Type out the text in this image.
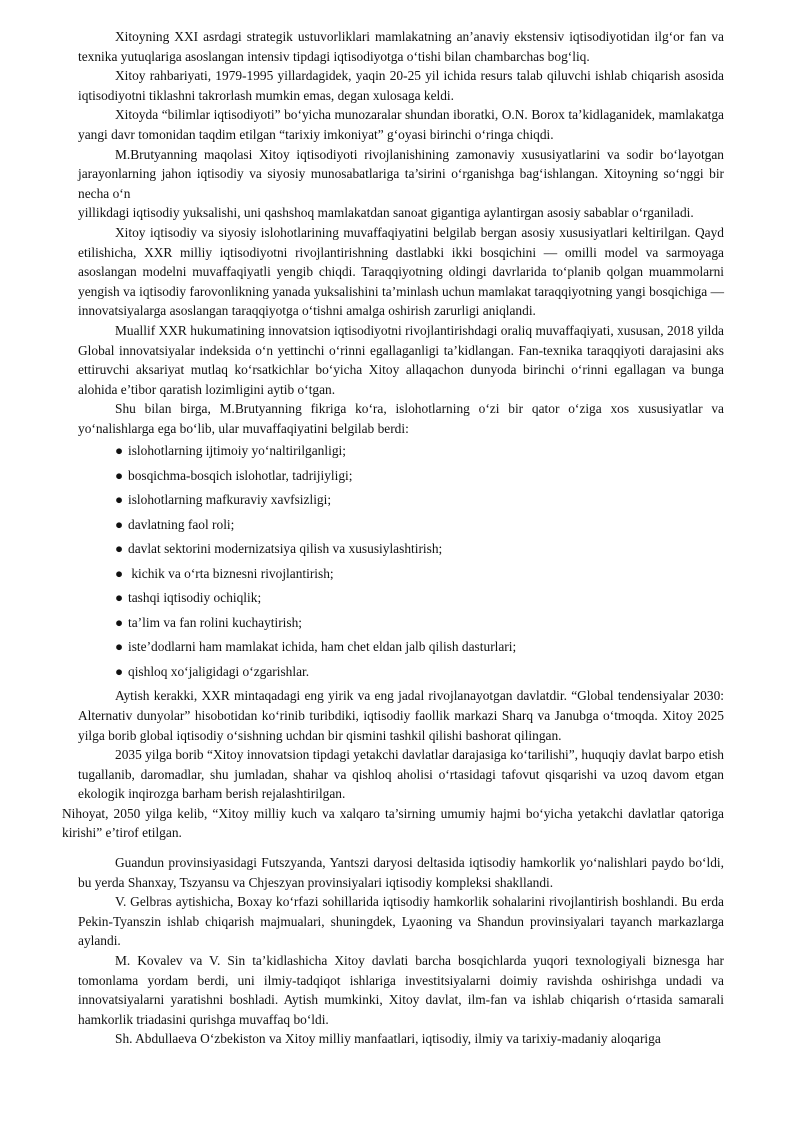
Xitoyning XXI asrdagi strategik ustuvorliklari mamlakatning an’anaviy ekstensiv iqtisodiyotidan ilg‘or fan va texnika yutuqlariga asoslangan intensiv tipdagi iqtisodiyotga o‘tishi bilan chambarchas bog‘liq.

Xitoy rahbariyati, 1979-1995 yillardagidek, yaqin 20-25 yil ichida resurs talab qiluvchi ishlab chiqarish asosida iqtisodiyotni tiklashni takrorlash mumkin emas, degan xulosaga keldi.

Xitoyda “bilimlar iqtisodiyoti” bo‘yicha munozaralar shundan iboratki, O.N. Borox ta’kidlaganidek, mamlakatga yangi davr tomonidan taqdim etilgan “tarixiy imkoniyat” g‘oyasi birinchi o‘ringa chiqdi.

M.Brutyanning maqolasi Xitoy iqtisodiyoti rivojlanishining zamonaviy xususiyatlarini va sodir bo‘layotgan jarayonlarning jahon iqtisodiy va siyosiy munosabatlariga ta’sirini o‘rganishga bag‘ishlangan. Xitoyning so‘nggi bir necha o‘n

yillikdagi iqtisodiy yuksalishi, uni qashshoq mamlakatdan sanoat gigantiga aylantirgan asosiy sabablar o‘rganiladi.

Xitoy iqtisodiy va siyosiy islohotlarining muvaffaqiyatini belgilab bergan asosiy xususiyatlari keltirilgan. Qayd etilishicha, XXR milliy iqtisodiyotni rivojlantirishning dastlabki ikki bosqichini — omilli model va sarmoyaga asoslangan modelni muvaffaqiyatli yengib chiqdi. Taraqqiyotning oldingi davrlarida to‘planib qolgan muammolarni yengish va iqtisodiy farovonlikning yanada yuksalishini ta’minlash uchun mamlakat taraqqiyotning yangi bosqichiga — innovatsiyalarga asoslangan taraqqiyotga o‘tishni amalga oshirish zarurligi aniqlandi.

Muallif XXR hukumatining innovatsion iqtisodiyotni rivojlantirishdagi oraliq muvaffaqiyati, xususan, 2018 yilda Global innovatsiyalar indeksida o‘n yettinchi o‘rinni egallaganligi ta’kidlangan. Fan-texnika taraqqiyoti darajasini aks ettiruvchi aksariyat mutlaq ko‘rsatkichlar bo‘yicha Xitoy allaqachon dunyoda birinchi o‘rinni egallagan va bunga alohida e’tibor qaratish lozimligini aytib o‘tgan.

Shu bilan birga, M.Brutyanning fikriga ko‘ra, islohotlarning o‘zi bir qator o‘ziga xos xususiyatlar va yo‘nalishlarga ega bo‘lib, ular muvaffaqiyatini belgilab berdi:

● islohotlarning ijtimoiy yo‘naltirilganligi;
● bosqichma-bosqich islohotlar, tadrijiyligi;
● islohotlarning mafkuraviy xavfsizligi;
● davlatning faol roli;
● davlat sektorini modernizatsiya qilish va xususiylashtirish;
● kichik va o‘rta biznesni rivojlantirish;
● tashqi iqtisodiy ochiqlik;
● ta’lim va fan rolini kuchaytirish;
● iste’dodlarni ham mamlakat ichida, ham chet eldan jalb qilish dasturlari;
● qishloq xo‘jaligidagi o‘zgarishlar.

Aytish kerakki, XXR mintaqadagi eng yirik va eng jadal rivojlanayotgan davlatdir. “Global tendensiyalar 2030: Alternativ dunyolar” hisobotidan ko‘rinib turibdiki, iqtisodiy faollik markazi Sharq va Janubga o‘tmoqda. Xitoy 2025 yilga borib global iqtisodiy o‘sishning uchdan bir qismini tashkil qilishi bashorat qilingan.

2035 yilga borib “Xitoy innovatsion tipdagi yetakchi davlatlar darajasiga ko‘tarilishi”, huquqiy davlat barpo etish tugallanib, daromadlar, shu jumladan, shahar va qishloq aholisi o‘rtasidagi tafovut qisqarishi va uzoq davom etgan ekologik inqirozga barham berish rejalashtirilgan.

Nihoyat, 2050 yilga kelib, “Xitoy milliy kuch va xalqaro ta’sirning umumiy hajmi bo‘yicha yetakchi davlatlar qatoriga kirishi” e’tirof etilgan.

Guandun provinsiyasidagi Futszyanda, Yantszi daryosi deltasida iqtisodiy hamkorlik yo‘nalishlari paydo bo‘ldi, bu yerda Shanxay, Tszyansu va Chjeszyan provinsiyalari iqtisodiy kompleksi shakllandi.

V. Gelbras aytishicha, Boxay ko‘rfazi sohillarida iqtisodiy hamkorlik sohalarini rivojlantirish boshlandi. Bu erda Pekin-Tyanszin ishlab chiqarish majmualari, shuningdek, Lyaoning va Shandun provinsiyalari tayanch markazlarga aylandi.

M. Kovalev va V. Sin ta’kidlashicha Xitoy davlati barcha bosqichlarda yuqori texnologiyali biznesga har tomonlama yordam berdi, uni ilmiy-tadqiqot ishlariga investitsiyalarni doimiy ravishda oshirishga undadi va innovatsiyalarni yaratishni boshladi. Aytish mumkinki, Xitoy davlat, ilm-fan va ishlab chiqarish o‘rtasida samarali hamkorlik triadasini qurishga muvaffaq bo‘ldi.

Sh. Abdullaeva O‘zbekiston va Xitoy milliy manfaatlari, iqtisodiy, ilmiy va tarixiy-madaniy aloqariga
